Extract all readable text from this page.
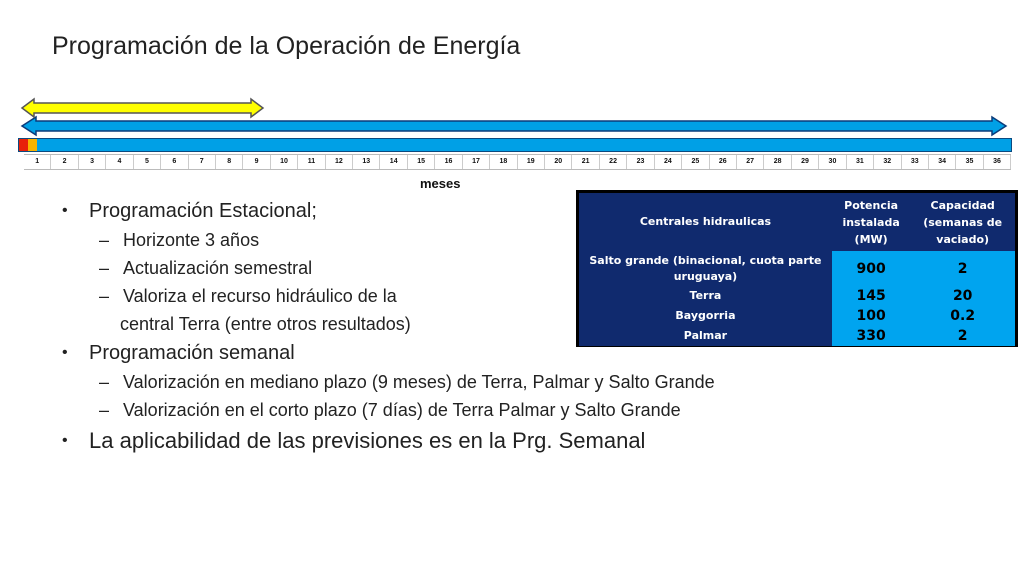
Programación de la Operación de Energía
1	2	3	4	5	6	7	8	9	10	11	12	13	14	15	16	17	18	19	20	21	22	23	24	25	26	27	28	29	30	31	32	33	34	35	36
meses
• Programación Estacional;
– Horizonte 3 años
– Actualización semestral
– Valoriza el recurso hidráulico de la
central Terra (entre otros resultados)
• Programación semanal
– Valorización en mediano plazo (9 meses) de Terra, Palmar y Salto Grande
– Valorización en el corto plazo (7 días) de Terra Palmar y Salto Grande
• La aplicabilidad de las previsiones es en la Prg. Semanal
Centrales hidraulicas	Potencia instalada (MW)	Capacidad (semanas de vaciado)
Salto grande (binacional, cuota parte uruguaya)	900	2
Terra	145	20
Baygorria	100	0.2
Palmar	330	2
